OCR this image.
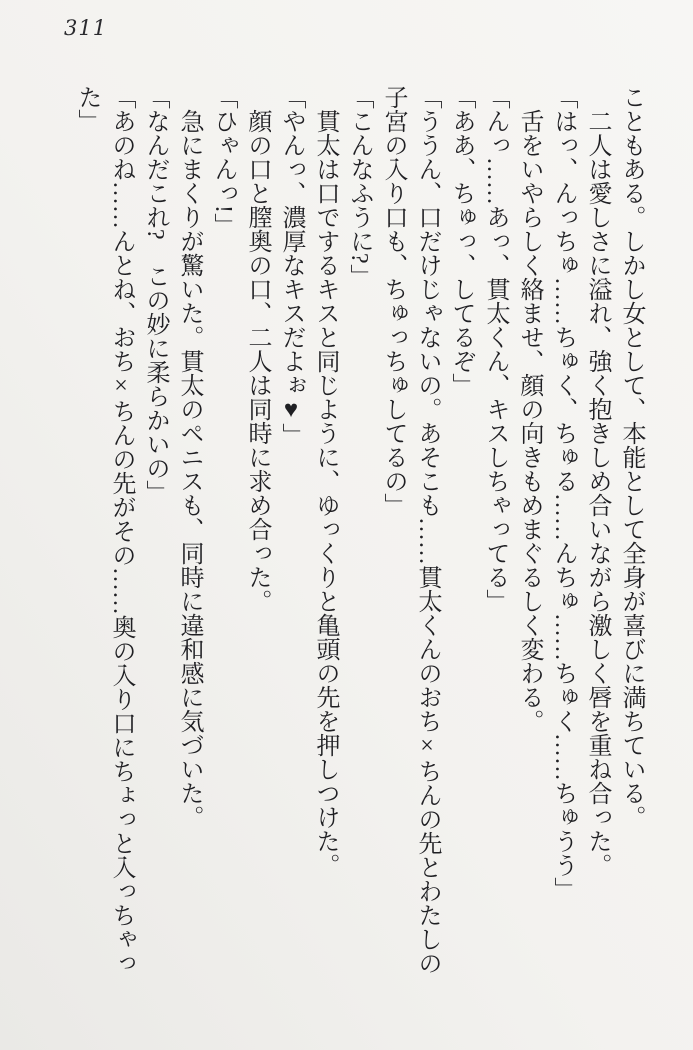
311

こともある。しかし女として、本能として全身が喜びに満ちている。

二人は愛しさに溢れ、強く抱きしめ合いながら激しく唇を重ね合った。

「はっ、んっちゅ……ちゅく、ちゅる……んちゅ……ちゅく……ちゅうう」

舌をいやらしく絡ませ、顔の向きもめまぐるしく変わる。

「んっ……あっ、貫太くん、キスしちゃってる」

「ああ、ちゅっ、してるぞ」

「ううん、口だけじゃないの。あそこも……貫太くんのおち×ちんの先とわたしの子宮の入り口も、ちゅっちゅしてるの」

「こんなふうに?」

貫太は口でするキスと同じように、ゆっくりと亀頭の先を押しつけた。

「やんっ、濃厚なキスだよぉ♥」

顔の口と膣奥の口、二人は同時に求め合った。

「ひゃんっ!」

急にまくりが驚いた。貫太のペニスも、同時に違和感に気づいた。

「なんだこれ?　この妙に柔らかいの」

「あのね……んとね、おち×ちんの先がその……奥の入り口にちょっと入っちゃった」
